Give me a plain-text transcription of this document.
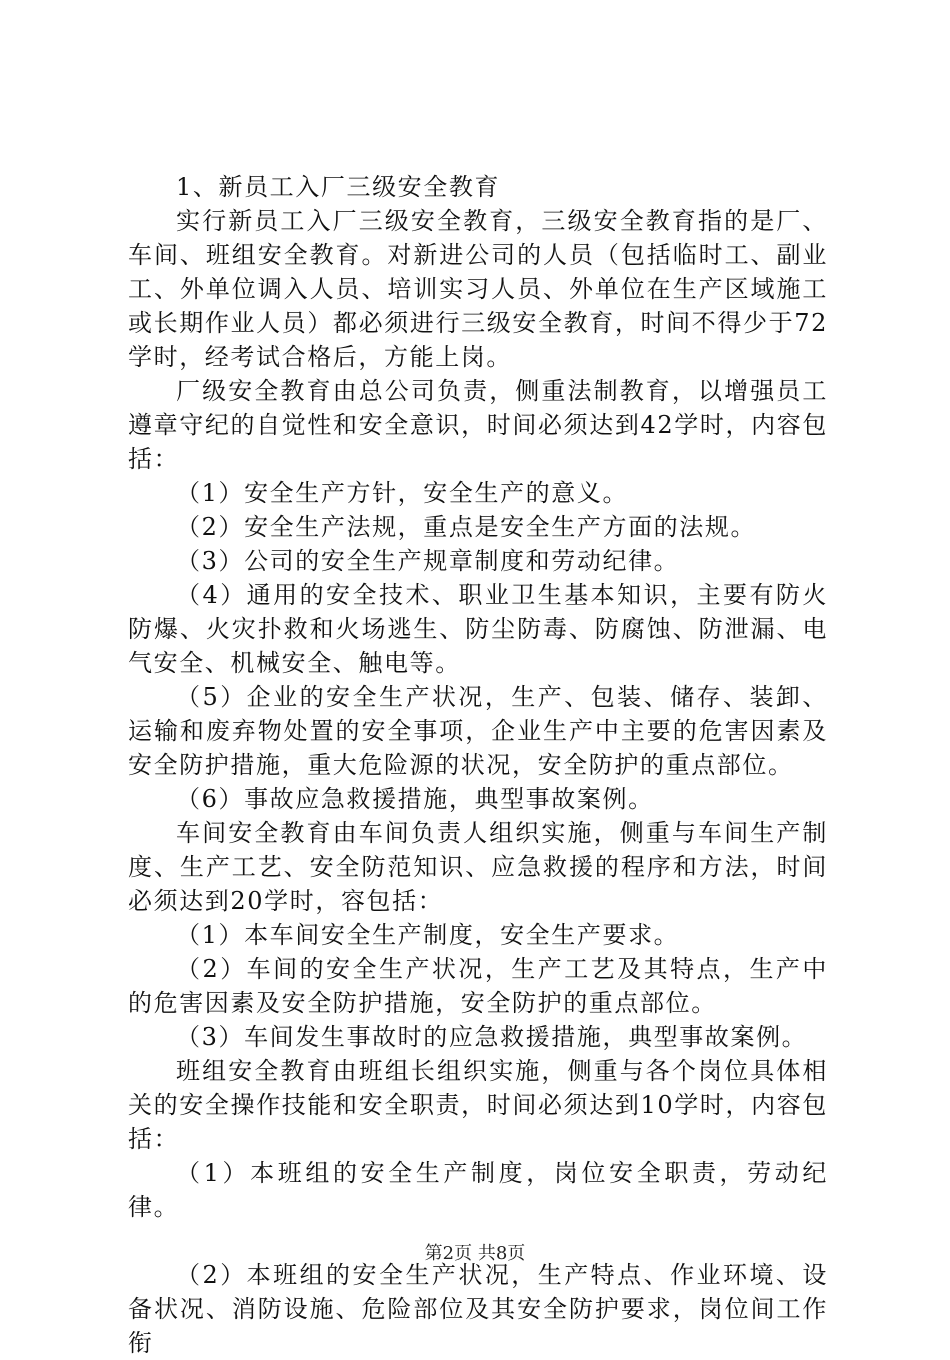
1、新员工入厂三级安全教育

实行新员工入厂三级安全教育，三级安全教育指的是厂、车间、班组安全教育。对新进公司的人员（包括临时工、副业工、外单位调入人员、培训实习人员、外单位在生产区域施工或长期作业人员）都必须进行三级安全教育，时间不得少于72学时，经考试合格后，方能上岗。

厂级安全教育由总公司负责，侧重法制教育，以增强员工遵章守纪的自觉性和安全意识，时间必须达到42学时，内容包括：

（1）安全生产方针，安全生产的意义。

（2）安全生产法规，重点是安全生产方面的法规。

（3）公司的安全生产规章制度和劳动纪律。

（4）通用的安全技术、职业卫生基本知识，主要有防火防爆、火灾扑救和火场逃生、防尘防毒、防腐蚀、防泄漏、电气安全、机械安全、触电等。

（5）企业的安全生产状况，生产、包装、储存、装卸、运输和废弃物处置的安全事项，企业生产中主要的危害因素及安全防护措施，重大危险源的状况，安全防护的重点部位。

（6）事故应急救援措施，典型事故案例。

车间安全教育由车间负责人组织实施，侧重与车间生产制度、生产工艺、安全防范知识、应急救援的程序和方法，时间必须达到20学时，容包括：

（1）本车间安全生产制度，安全生产要求。

（2）车间的安全生产状况，生产工艺及其特点，生产中的危害因素及安全防护措施，安全防护的重点部位。

（3）车间发生事故时的应急救援措施，典型事故案例。

班组安全教育由班组长组织实施，侧重与各个岗位具体相关的安全操作技能和安全职责，时间必须达到10学时，内容包括：

（1）本班组的安全生产制度，岗位安全职责，劳动纪律。

（2）本班组的安全生产状况，生产特点、作业环境、设备状况、消防设施、危险部位及其安全防护要求，岗位间工作衔

第2页 共8页
